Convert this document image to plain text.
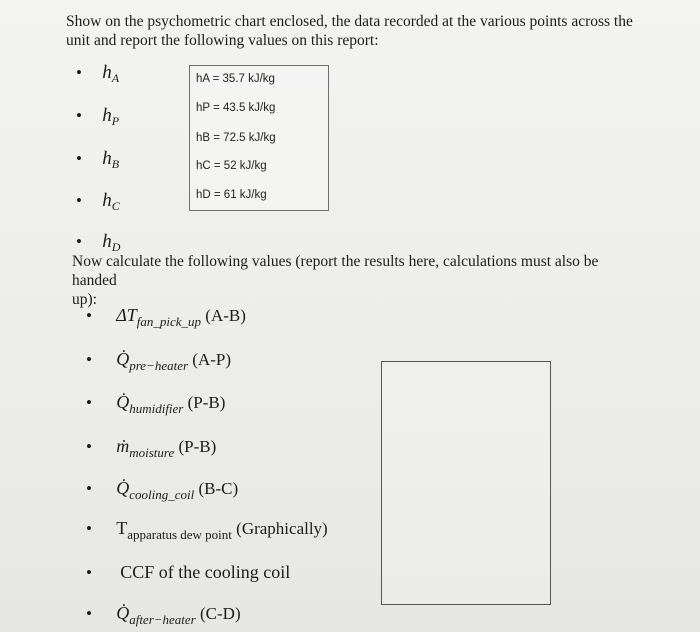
Show on the psychometric chart enclosed, the data recorded at the various points across the
unit and report the following values on this report:
• $h_A$
• $h_P$
• $h_B$
• $h_C$
• $h_D$
hA = 35.7 kJ/kg
hP = 43.5 kJ/kg
hB = 72.5 kJ/kg
hC = 52 kJ/kg
hD = 61 kJ/kg
Now calculate the following values (report the results here, calculations must also be handed
up):
• $\Delta T_{fan\_pick\_up}$ (A-B)
• $Q̇_{pre-heater}$ (A-P)
• $Q̇_{humidifier}$ (P-B)
• ṁ$_{moisture}$ (P-B)
• $Q̇_{cooling\_coil}$ (B-C)
• $T_{apparatus dew point}$ (Graphically)
• CCF of the cooling coil
• $Q̇_{after-heater}$ (C-D)
